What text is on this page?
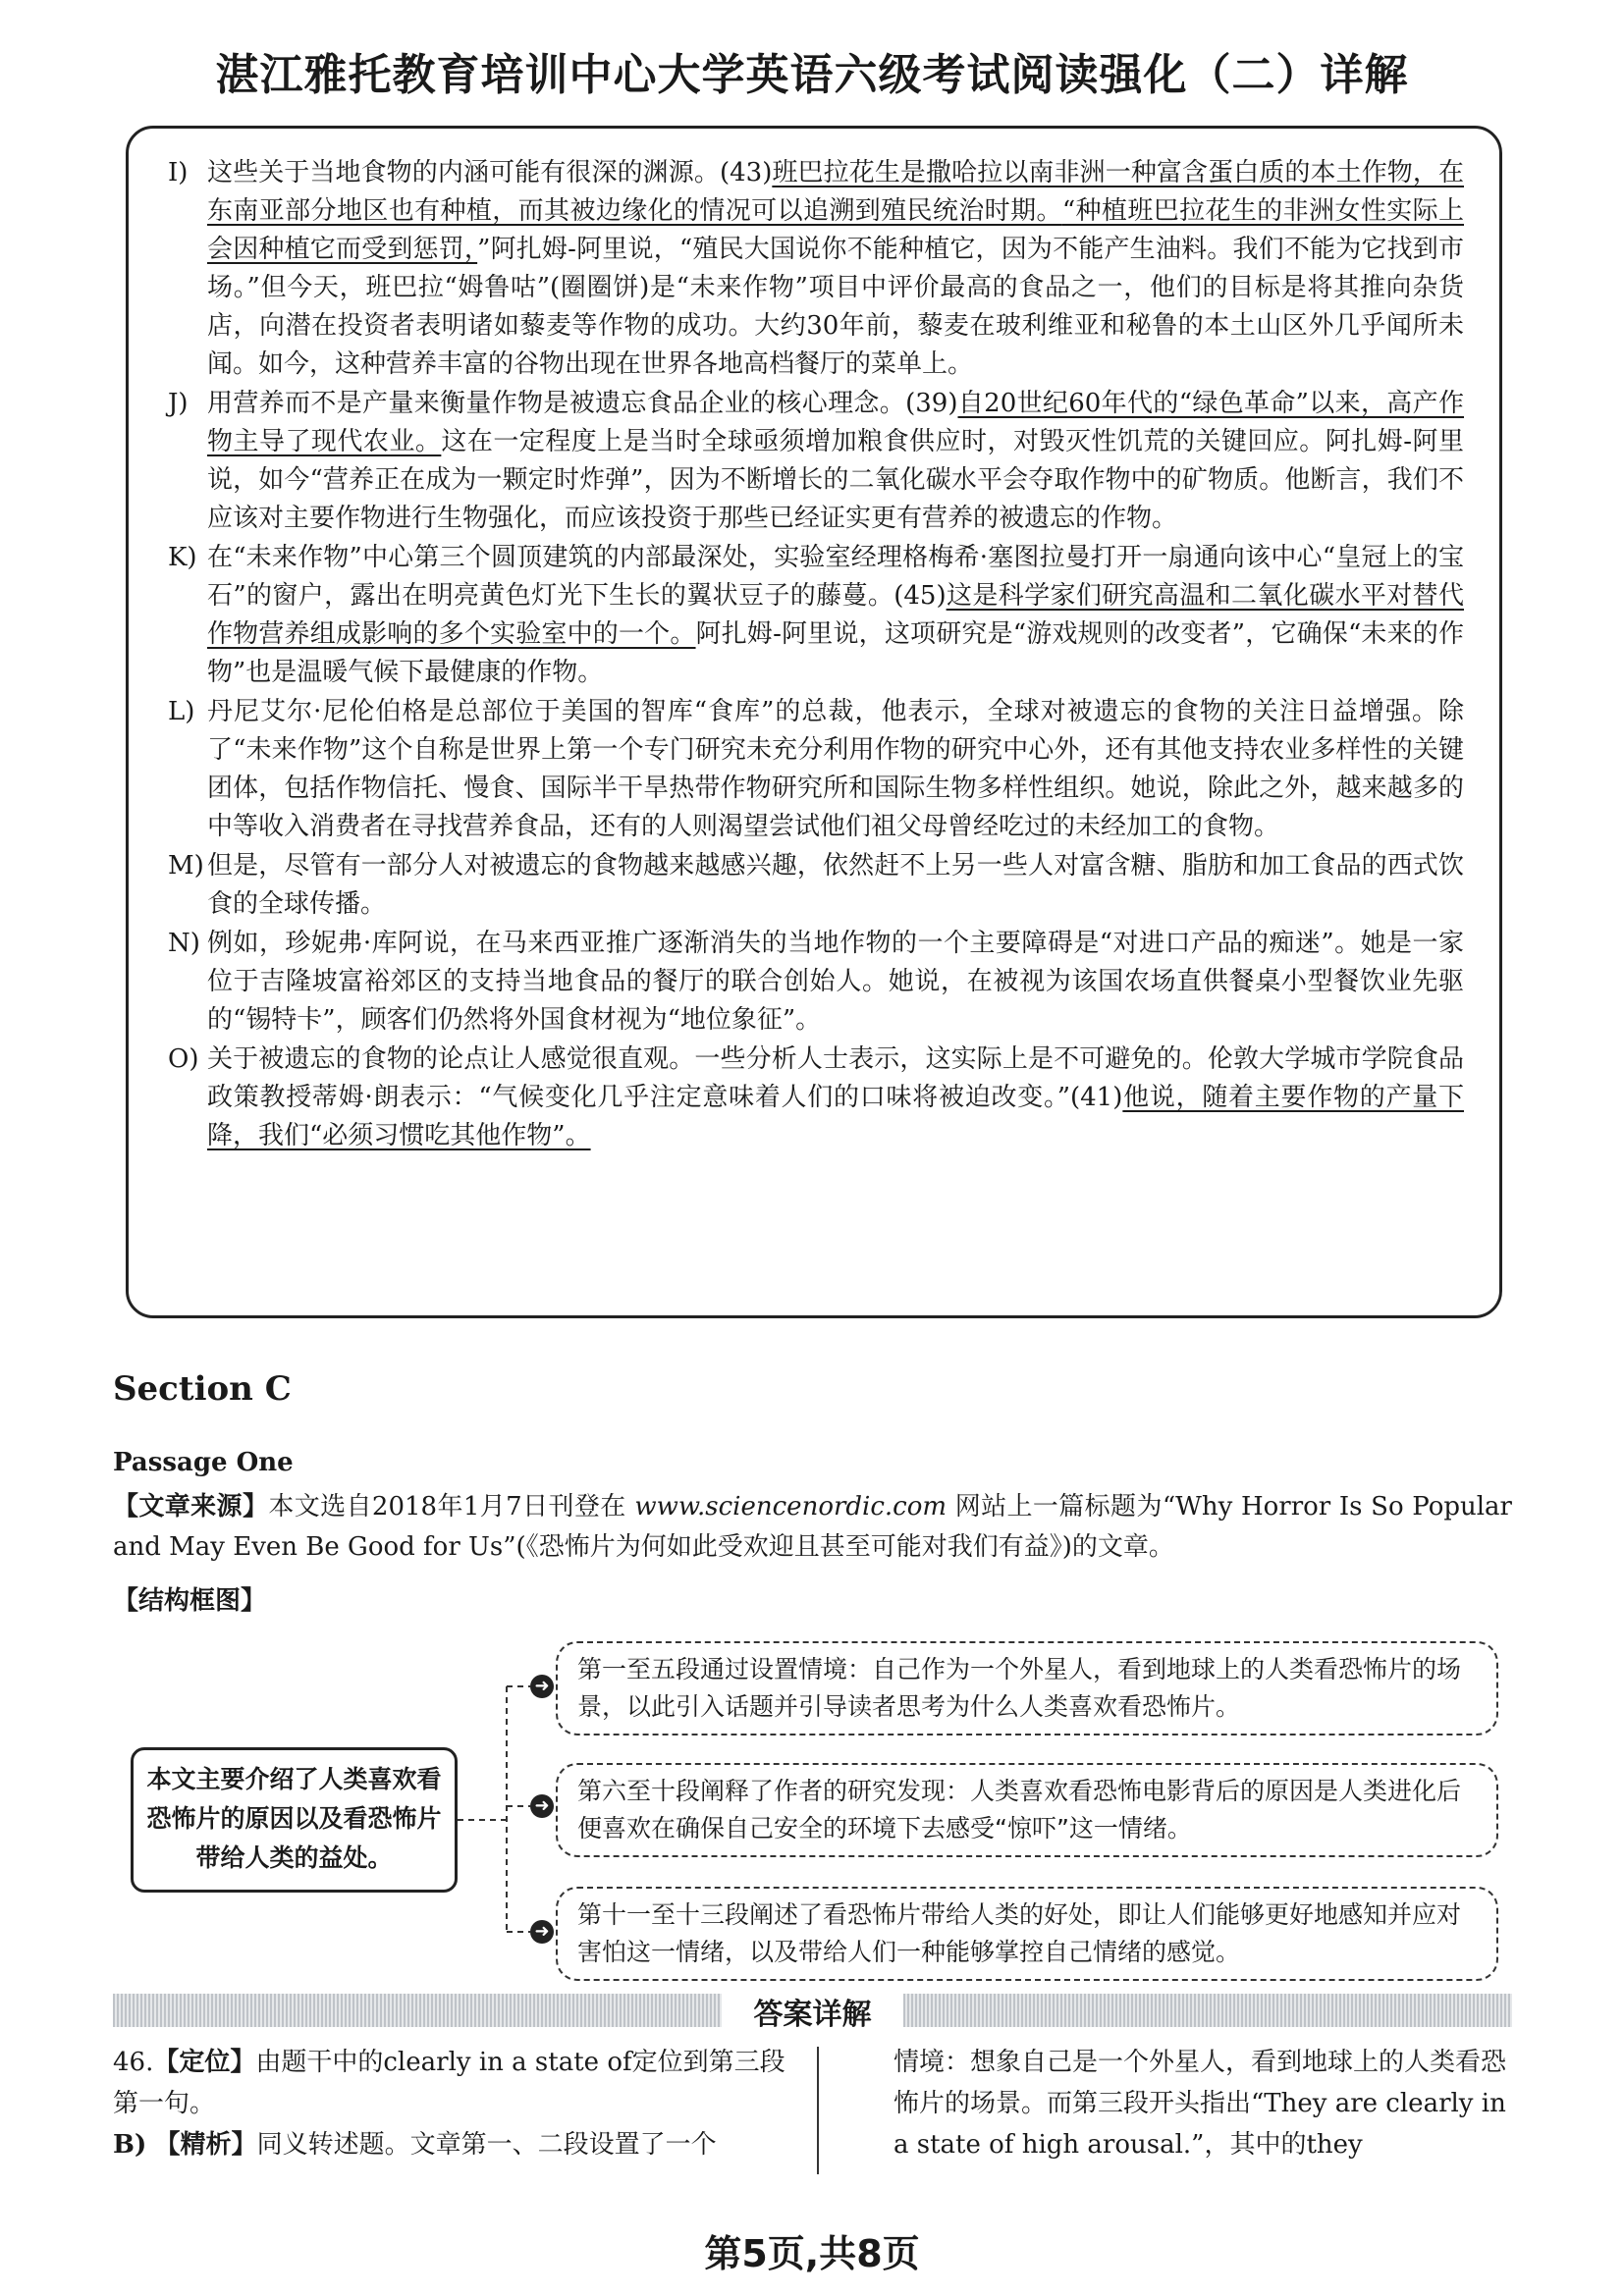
湛江雅托教育培训中心大学英语六级考试阅读强化（二）详解
I) 这些关于当地食物的内涵可能有很深的渊源。(43)班巴拉花生是撒哈拉以南非洲一种富含蛋白质的本土作物，在东南亚部分地区也有种植，而其被边缘化的情况可以追溯到殖民统治时期。“种植班巴拉花生的非洲女性实际上会因种植它而受到惩罚，”阿扎姆-阿里说，“殖民大国说你不能种植它，因为不能产生油料。我们不能为它找到市场。”但今天，班巴拉“姆鲁咕”(圈圈饼)是“未来作物”项目中评价最高的食品之一，他们的目标是将其推向杂货店，向潜在投资者表明诸如藜麦等作物的成功。大约30年前，藜麦在玻利维亚和秘鲁的本土山区外几乎闻所未闻。如今，这种营养丰富的谷物出现在世界各地高档餐厅的菜单上。
J) 用营养而不是产量来衡量作物是被遗忘食品企业的核心理念。(39)自20世纪60年代的“绿色革命”以来，高产作物主导了现代农业。这在一定程度上是当时全球亟须增加粮食供应时，对毁灭性饥荒的关键回应。阿扎姆-阿里说，如今“营养正在成为一颗定时炸弹”，因为不断增长的二氧化碳水平会夺取作物中的矿物质。他断言，我们不应该对主要作物进行生物强化，而应该投资于那些已经证实更有营养的被遗忘的作物。
K) 在“未来作物”中心第三个圆顶建筑的内部最深处，实验室经理格梅希·塞图拉曼打开一扇通向该中心“皇冠上的宝石”的窗户，露出在明亮黄色灯光下生长的翼状豆子的藤蔓。(45)这是科学家们研究高温和二氧化碳水平对替代作物营养组成影响的多个实验室中的一个。阿扎姆-阿里说，这项研究是“游戏规则的改变者”，它确保“未来的作物”也是温暖气候下最健康的作物。
L) 丹尼艾尔·尼伦伯格是总部位于美国的智库“食库”的总裁，他表示，全球对被遗忘的食物的关注日益增强。除了“未来作物”这个自称是世界上第一个专门研究未充分利用作物的研究中心外，还有其他支持农业多样性的关键团体，包括作物信托、慢食、国际半干旱热带作物研究所和国际生物多样性组织。她说，除此之外，越来越多的中等收入消费者在寻找营养食品，还有的人则渴望尝试他们祖父母曾经吃过的未经加工的食物。
M) 但是，尽管有一部分人对被遗忘的食物越来越感兴趣，依然赶不上另一些人对富含糖、脂肪和加工食品的西式饮食的全球传播。
N) 例如，珍妮弗·库阿说，在马来西亚推广逐渐消失的当地作物的一个主要障碍是“对进口产品的痴迷”。她是一家位于吉隆坡富裕郊区的支持当地食品的餐厅的联合创始人。她说，在被视为该国农场直供餐桌小型餐饮业先驱的“锡特卡”，顾客们仍然将外国食材视为“地位象征”。
O) 关于被遗忘的食物的论点让人感觉很直观。一些分析人士表示，这实际上是不可避免的。伦敦大学城市学院食品政策教授蒂姆·朗表示：“气候变化几乎注定意味着人们的口味将被迫改变。”(41)他说，随着主要作物的产量下降，我们“必须习惯吃其他作物”。
Section C
Passage One
【文章来源】本文选自2018年1月7日刊登在 www.sciencenordic.com 网站上一篇标题为“Why Horror Is So Popular and May Even Be Good for Us”(《恐怖片为何如此受欢迎且甚至可能对我们有益》)的文章。
【结构框图】
本文主要介绍了人类喜欢看恐怖片的原因以及看恐怖片带给人类的益处。
➜
➜
➜
第一至五段通过设置情境：自己作为一个外星人，看到地球上的人类看恐怖片的场景，以此引入话题并引导读者思考为什么人类喜欢看恐怖片。
第六至十段阐释了作者的研究发现：人类喜欢看恐怖电影背后的原因是人类进化后便喜欢在确保自己安全的环境下去感受“惊吓”这一情绪。
第十一至十三段阐述了看恐怖片带给人类的好处，即让人们能够更好地感知并应对害怕这一情绪，以及带给人们一种能够掌控自己情绪的感觉。
答案详解
46.【定位】由题干中的clearly in a state of定位到第三段第一句。
B) 【精析】同义转述题。文章第一、二段设置了一个
情境：想象自己是一个外星人，看到地球上的人类看恐怖片的场景。而第三段开头指出“They are clearly in a state of high arousal.”，其中的they
第5页,共8页
